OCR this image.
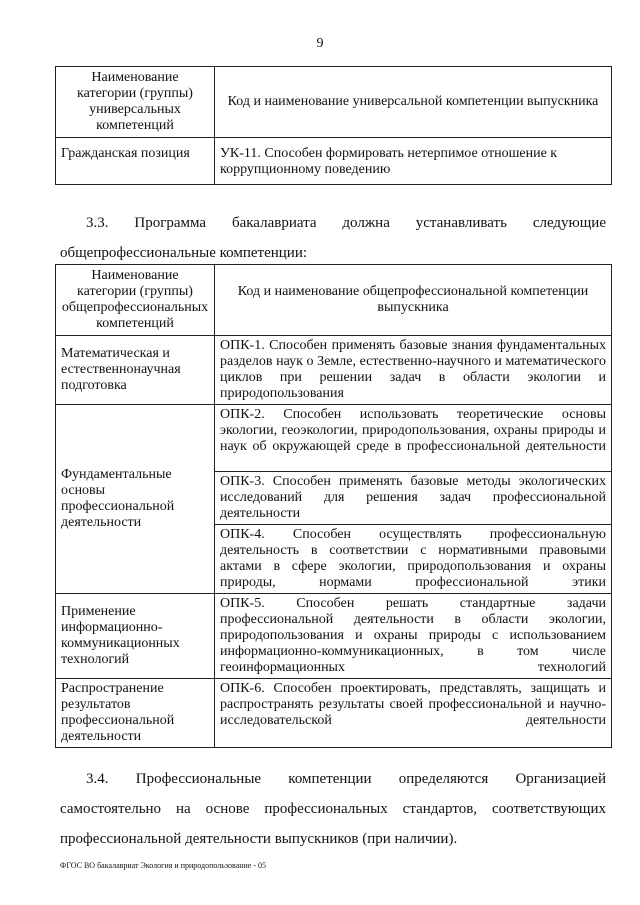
9
Наименование категории (группы) универсальных компетенций	Код и наименование универсальной компетенции выпускника
Гражданская позиция	УК-11. Способен формировать нетерпимое отношение к коррупционному поведению
3.3. Программа бакалавриата должна устанавливать следующие общепрофессиональные компетенции:
Наименование категории (группы) общепрофессиональных компетенций	Код и наименование общепрофессиональной компетенции выпускника
Математическая и естественнонаучная подготовка	ОПК-1. Способен применять базовые знания фундаментальных разделов наук о Земле, естественно-научного и математического циклов при решении задач в области экологии и природопользования
Фундаментальные основы профессиональной деятельности	ОПК-2. Способен использовать теоретические основы экологии, геоэкологии, природопользования, охраны природы и наук об окружающей среде в профессиональной деятельности
	ОПК-3. Способен применять базовые методы экологических исследований для решения задач профессиональной деятельности
	ОПК-4. Способен осуществлять профессиональную деятельность в соответствии с нормативными правовыми актами в сфере экологии, природопользования и охраны природы, нормами профессиональной этики
Применение информационно-коммуникационных технологий	ОПК-5. Способен решать стандартные задачи профессиональной деятельности в области экологии, природопользования и охраны природы с использованием информационно-коммуникационных, в том числе геоинформационных технологий
Распространение результатов профессиональной деятельности	ОПК-6. Способен проектировать, представлять, защищать и распространять результаты своей профессиональной и научно-исследовательской деятельности
3.4. Профессиональные компетенции определяются Организацией самостоятельно на основе профессиональных стандартов, соответствующих профессиональной деятельности выпускников (при наличии).
ФГОС ВО бакалавриат Экология и природопользование - 05
